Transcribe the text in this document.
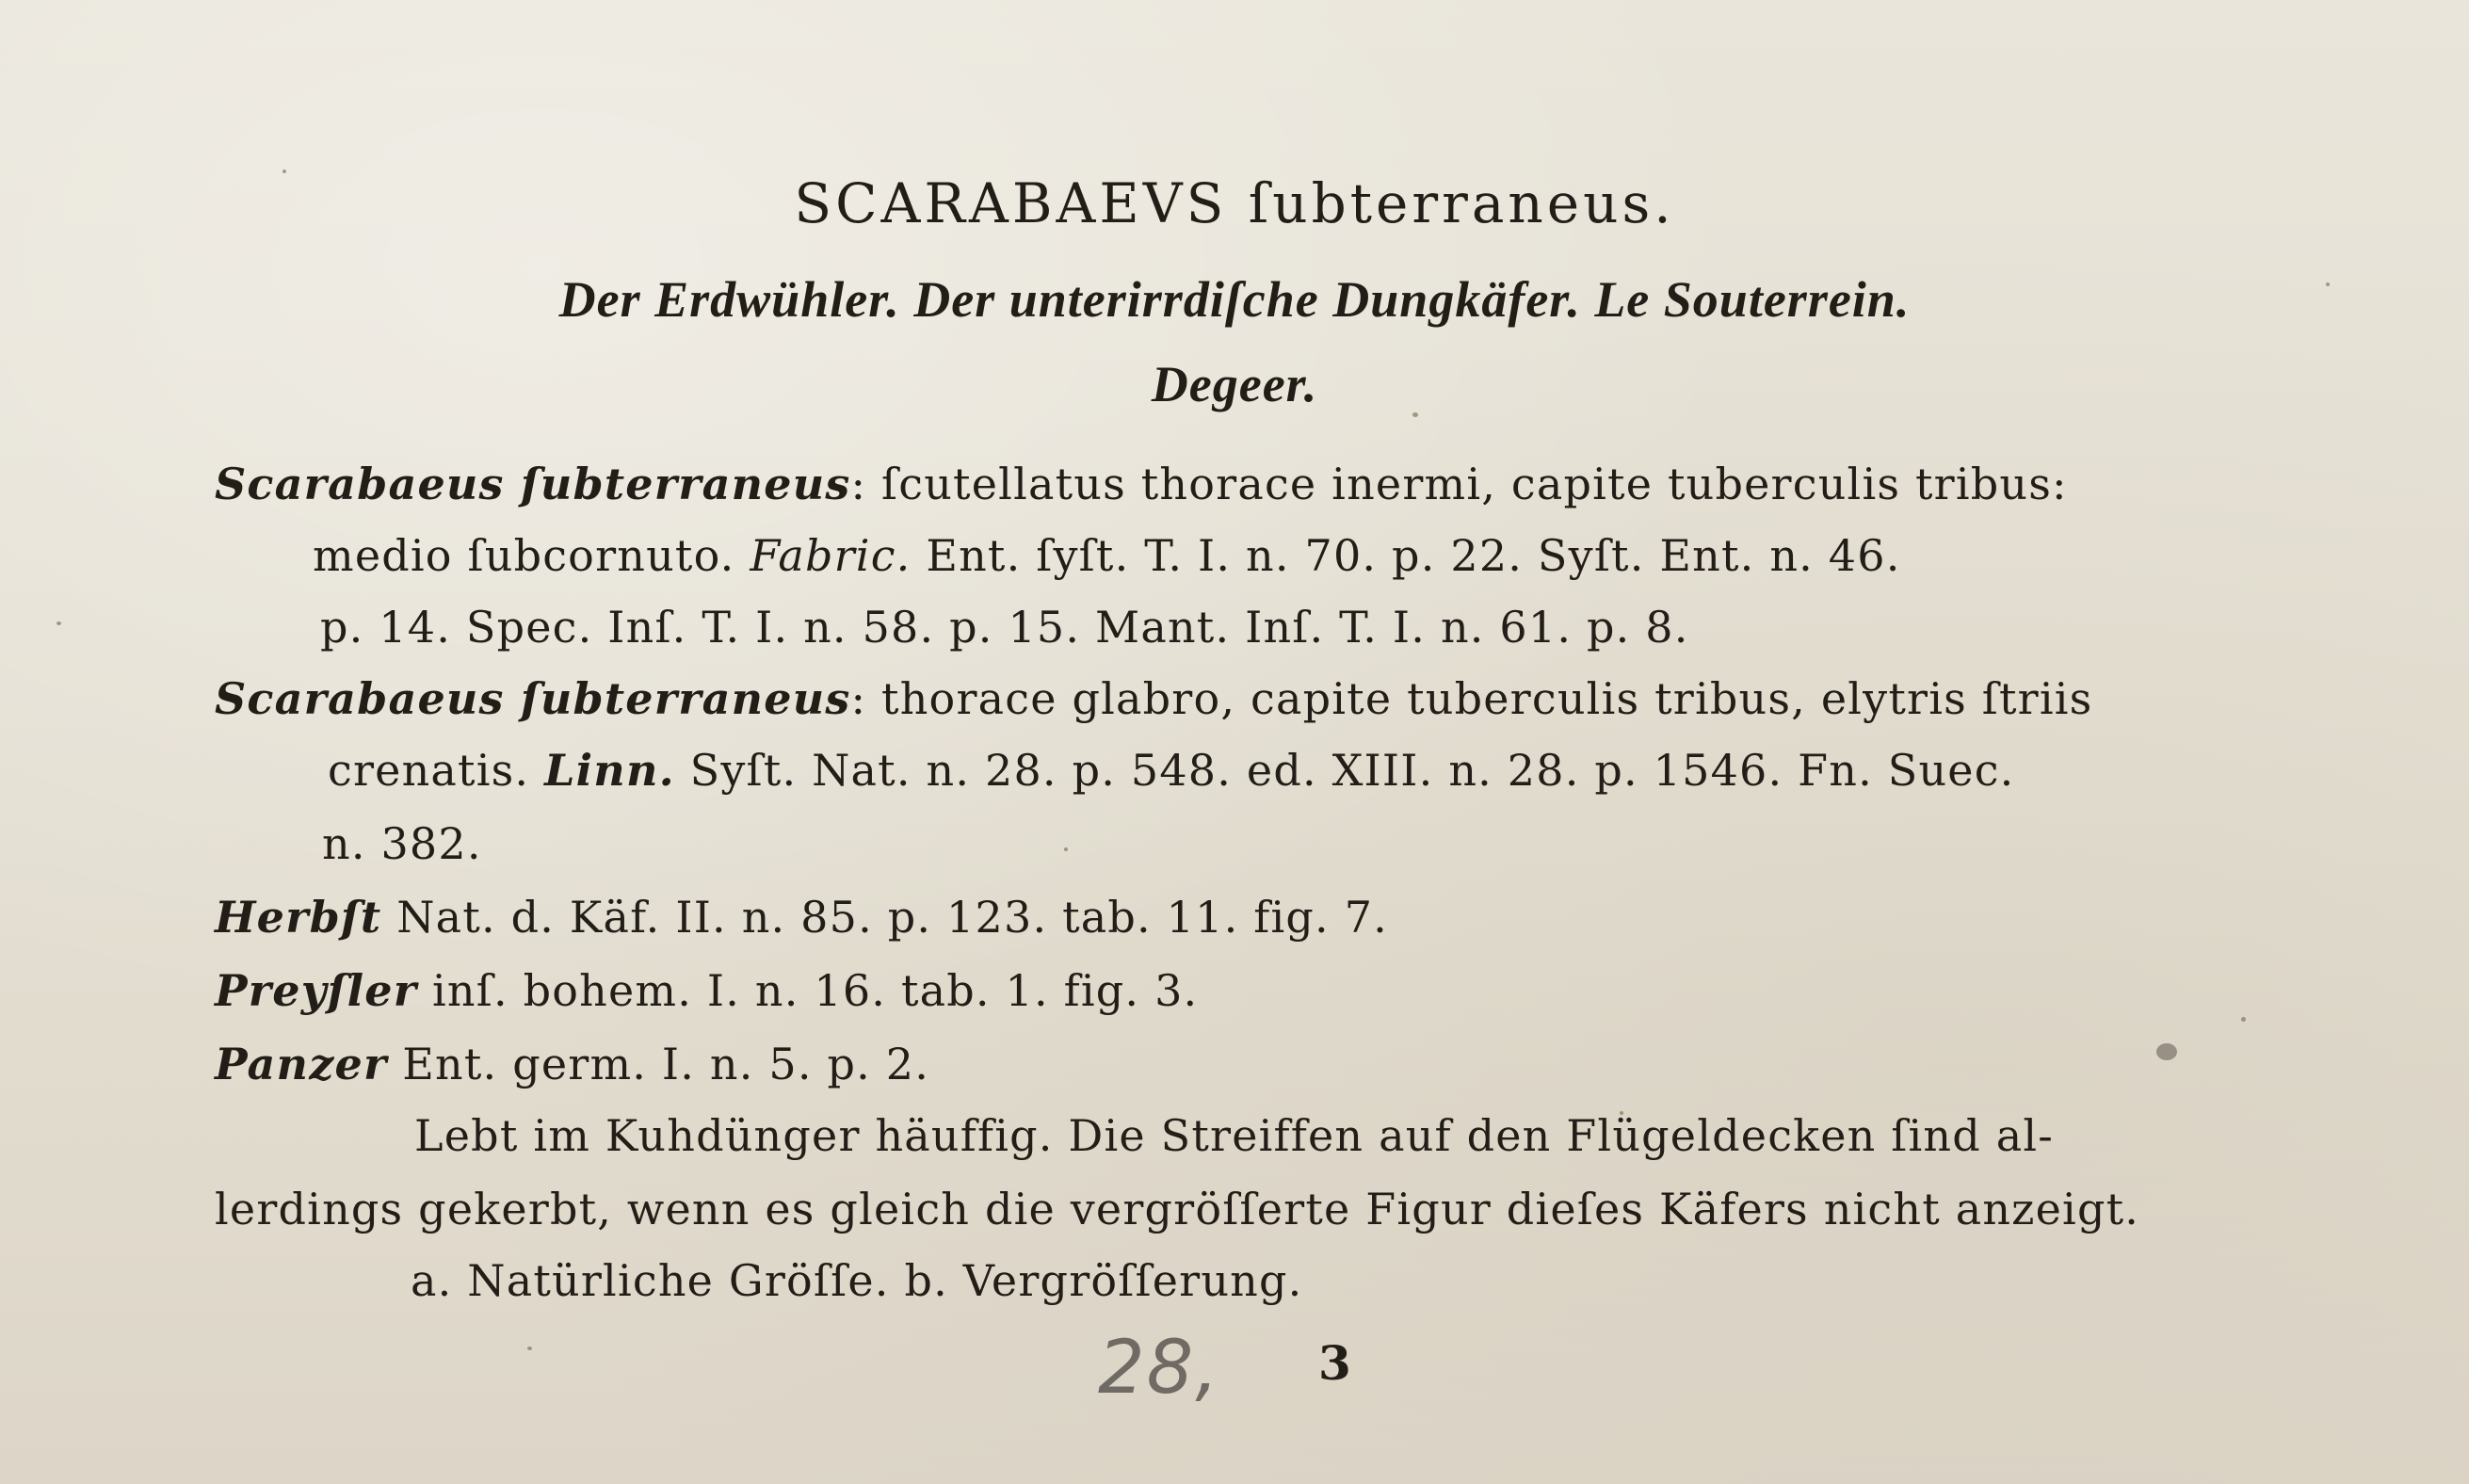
SCARABAEVS ſubterraneus.
Der Erdwühler. Der unterirrdiſche Dungkäfer. Le Souterrein.
Degeer.
Scarabaeus ſubterraneus: ſcutellatus thorace inermi, capite tuberculis tribus:
medio ſubcornuto. Fabric. Ent. ſyſt. T. I. n. 70. p. 22. Syſt. Ent. n. 46.
p. 14. Spec. Inſ. T. I. n. 58. p. 15. Mant. Inſ. T. I. n. 61. p. 8.
Scarabaeus ſubterraneus: thorace glabro, capite tuberculis tribus, elytris ſtriis
crenatis. Linn. Syſt. Nat. n. 28. p. 548. ed. XIII. n. 28. p. 1546. Fn. Suec.
n. 382.
Herbſt Nat. d. Käf. II. n. 85. p. 123. tab. 11. fig. 7.
Preyſler inſ. bohem. I. n. 16. tab. 1. fig. 3.
Panzer Ent. germ. I. n. 5. p. 2.
Lebt im Kuhdünger häuffig. Die Streiffen auf den Flügeldecken ſind al-
lerdings gekerbt, wenn es gleich die vergröſſerte Figur dieſes Käfers nicht anzeigt.
a. Natürliche Gröſſe. b. Vergröſſerung.
28, 3
